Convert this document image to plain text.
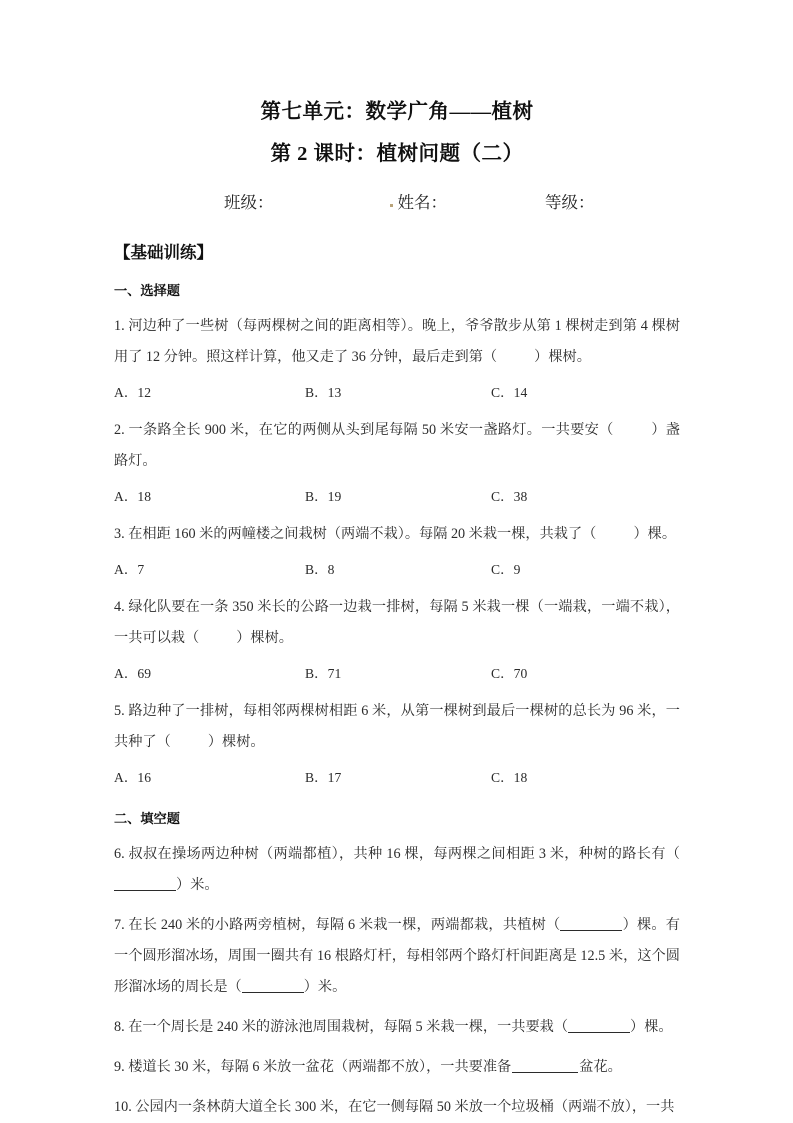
第七单元：数学广角——植树
第 2 课时：植树问题（二）
班级：	姓名：	等级：
【基础训练】
一、选择题
1. 河边种了一些树（每两棵树之间的距离相等）。晚上，爷爷散步从第 1 棵树走到第 4 棵树用了 12 分钟。照这样计算，他又走了 36 分钟，最后走到第（	）棵树。
A．12	B．13	C．14
2. 一条路全长 900 米，在它的两侧从头到尾每隔 50 米安一盏路灯。一共要安（	）盏路灯。
A．18	B．19	C．38
3. 在相距 160 米的两幢楼之间栽树（两端不栽）。每隔 20 米栽一棵，共栽了（	）棵。
A．7	B．8	C．9
4. 绿化队要在一条 350 米长的公路一边栽一排树，每隔 5 米栽一棵（一端栽，一端不栽），一共可以栽（	）棵树。
A．69	B．71	C．70
5. 路边种了一排树，每相邻两棵树相距 6 米，从第一棵树到最后一棵树的总长为 96 米，一共种了（	）棵树。
A．16	B．17	C．18
二、填空题
6. 叔叔在操场两边种树（两端都植），共种 16 棵，每两棵之间相距 3 米，种树的路长有（）米。
7. 在长 240 米的小路两旁植树，每隔 6 米栽一棵，两端都栽，共植树（	）棵。有一个圆形溜冰场，周围一圈共有 16 根路灯杆，每相邻两个路灯杆间距离是 12.5 米，这个圆形溜冰场的周长是（	）米。
8. 在一个周长是 240 米的游泳池周围栽树，每隔 5 米栽一棵，一共要栽（	）棵。
9. 楼道长 30 米，每隔 6 米放一盆花（两端都不放），一共要准备	盆花。
10. 公园内一条林荫大道全长 300 米，在它一侧每隔 50 米放一个垃圾桶（两端不放），一共
